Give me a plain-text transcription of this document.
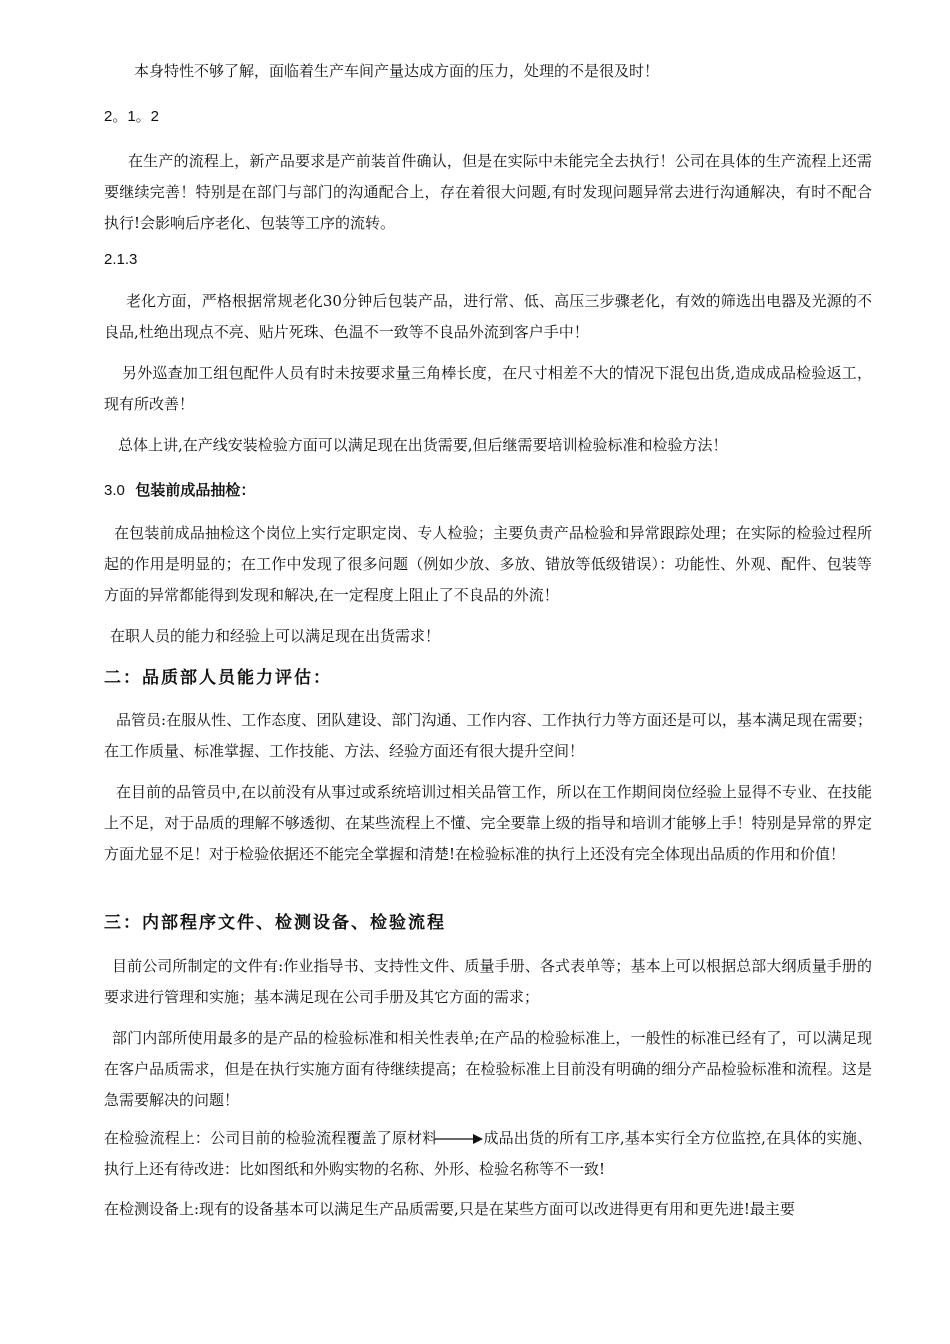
本身特性不够了解，面临着生产车间产量达成方面的压力，处理的不是很及时！

2。1。2

在生产的流程上，新产品要求是产前装首件确认，但是在实际中未能完全去执行！公司在具体的生产流程上还需要继续完善！特别是在部门与部门的沟通配合上，存在着很大问题,有时发现问题异常去进行沟通解决，有时不配合执行!会影响后序老化、包装等工序的流转。

2.1.3

老化方面，严格根据常规老化30分钟后包装产品，进行常、低、高压三步骤老化，有效的筛选出电器及光源的不良品,杜绝出现点不亮、贴片死珠、色温不一致等不良品外流到客户手中！

另外巡查加工组包配件人员有时未按要求量三角棒长度，在尺寸相差不大的情况下混包出货,造成成品检验返工，现有所改善！

总体上讲,在产线安装检验方面可以满足现在出货需要,但后继需要培训检验标准和检验方法！

3.0 包装前成品抽检：

在包装前成品抽检这个岗位上实行定职定岗、专人检验；主要负责产品检验和异常跟踪处理；在实际的检验过程所起的作用是明显的；在工作中发现了很多问题（例如少放、多放、错放等低级错误）：功能性、外观、配件、包装等方面的异常都能得到发现和解决,在一定程度上阻止了不良品的外流！

在职人员的能力和经验上可以满足现在出货需求！

二：品质部人员能力评估：

品管员:在服从性、工作态度、团队建设、部门沟通、工作内容、工作执行力等方面还是可以，基本满足现在需要；在工作质量、标准掌握、工作技能、方法、经验方面还有很大提升空间！

在目前的品管员中,在以前没有从事过或系统培训过相关品管工作，所以在工作期间岗位经验上显得不专业、在技能上不足，对于品质的理解不够透彻、在某些流程上不懂、完全要靠上级的指导和培训才能够上手！特别是异常的界定方面尤显不足！对于检验依据还不能完全掌握和清楚!在检验标准的执行上还没有完全体现出品质的作用和价值！

三：内部程序文件、检测设备、检验流程

目前公司所制定的文件有:作业指导书、支持性文件、质量手册、各式表单等；基本上可以根据总部大纲质量手册的要求进行管理和实施；基本满足现在公司手册及其它方面的需求；

部门内部所使用最多的是产品的检验标准和相关性表单;在产品的检验标准上，一般性的标准已经有了，可以满足现在客户品质需求，但是在执行实施方面有待继续提高；在检验标准上目前没有明确的细分产品检验标准和流程。这是急需要解决的问题！

在检验流程上：公司目前的检验流程覆盖了原材料	成品出货的所有工序,基本实行全方位监控,在具体的实施、执行上还有待改进：比如图纸和外购实物的名称、外形、检验名称等不一致!

在检测设备上:现有的设备基本可以满足生产品质需要,只是在某些方面可以改进得更有用和更先进!最主要
